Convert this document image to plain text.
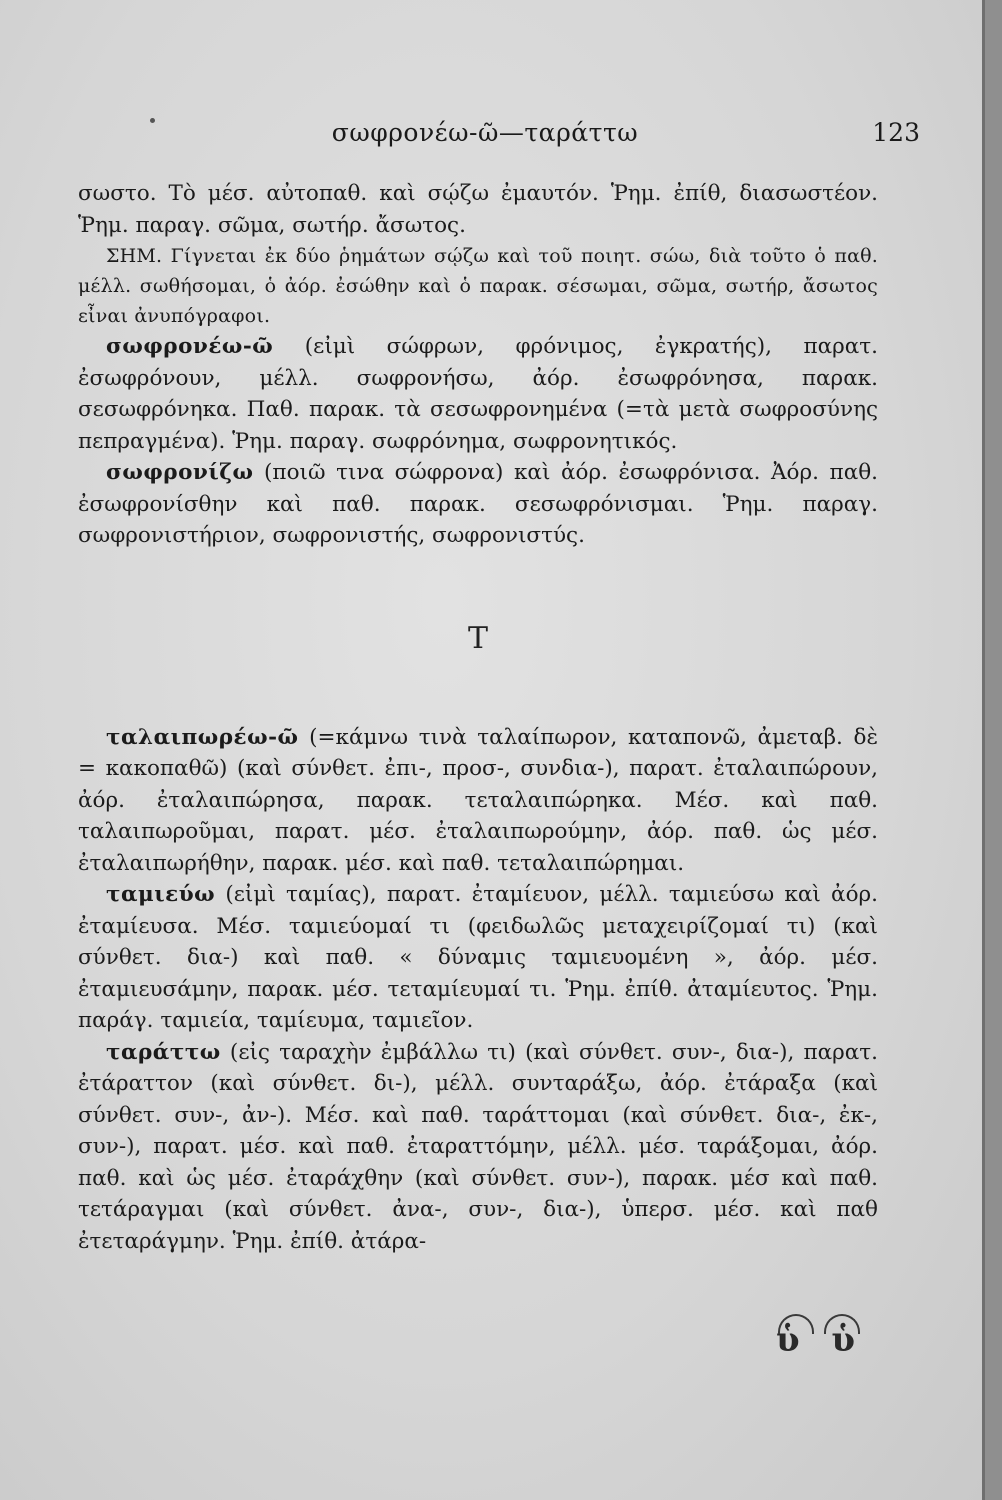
σωφρονέω-ῶ—ταράττω	123

σωστο. Τὸ μέσ. αὐτοπαθ. καὶ σῴζω ἐμαυτόν. Ῥημ. ἐπίθ, διασωστέον. Ῥημ. παραγ. σῶμα, σωτήρ. ἄσωτος.

ΣΗΜ. Γίγνεται ἐκ δύο ῥημάτων σῴζω καὶ τοῦ ποιητ. σώω, διὰ τοῦτο ὁ παθ. μέλλ. σωθήσομαι, ὁ ἀόρ. ἐσώθην καὶ ὁ παρακ. σέσωμαι, σῶμα, σωτήρ, ἄσωτος εἶναι ἀνυπόγραφοι.

σωφρονέω-ῶ (εἰμὶ σώφρων, φρόνιμος, ἐγκρατής), παρατ. ἐσωφρόνουν, μέλλ. σωφρονήσω, ἀόρ. ἐσωφρόνησα, παρακ. σεσωφρόνηκα. Παθ. παρακ. τὰ σεσωφρονημένα (=τὰ μετὰ σωφροσύνης πεπραγμένα). Ῥημ. παραγ. σωφρόνημα, σωφρονητικός.

σωφρονίζω (ποιῶ τινα σώφρονα) καὶ ἀόρ. ἐσωφρόνισα. Ἀόρ. παθ. ἐσωφρονίσθην καὶ παθ. παρακ. σεσωφρόνισμαι. Ῥημ. παραγ. σωφρονιστήριον, σωφρονιστής, σωφρονιστύς.

Τ

ταλαιπωρέω-ῶ (=κάμνω τινὰ ταλαίπωρον, καταπονῶ, ἀμεταβ. δὲ = κακοπαθῶ) (καὶ σύνθετ. ἐπι-, προσ-, συνδια-), παρατ. ἐταλαιπώρουν, ἀόρ. ἐταλαιπώρησα, παρακ. τεταλαιπώρηκα. Μέσ. καὶ παθ. ταλαιπωροῦμαι, παρατ. μέσ. ἐταλαιπωρούμην, ἀόρ. παθ. ὡς μέσ. ἐταλαιπωρήθην, παρακ. μέσ. καὶ παθ. τεταλαιπώρημαι.

ταμιεύω (εἰμὶ ταμίας), παρατ. ἐταμίευον, μέλλ. ταμιεύσω καὶ ἀόρ. ἐταμίευσα. Μέσ. ταμιεύομαί τι (φειδωλῶς μεταχειρίζομαί τι) (καὶ σύνθετ. δια-) καὶ παθ. « δύναμις ταμιευομένη », ἀόρ. μέσ. ἐταμιευσάμην, παρακ. μέσ. τεταμίευμαί τι. Ῥημ. ἐπίθ. ἀταμίευτος. Ῥημ. παράγ. ταμιεία, ταμίευμα, ταμιεῖον.

ταράττω (εἰς ταραχὴν ἐμβάλλω τι) (καὶ σύνθετ. συν-, δια-), παρατ. ἐτάραττον (καὶ σύνθετ. δι-), μέλλ. συνταράξω, ἀόρ. ἐτάραξα (καὶ σύνθετ. συν-, ἀν-). Μέσ. καὶ παθ. ταράττομαι (καὶ σύνθετ. δια-, ἐκ-, συν-), παρατ. μέσ. καὶ παθ. ἐταραττόμην, μέλλ. μέσ. ταράξομαι, ἀόρ. παθ. καὶ ὡς μέσ. ἐταράχθην (καὶ σύνθετ. συν-), παρακ. μέσ καὶ παθ. τετάραγμαι (καὶ σύνθετ. ἀνα-, συν-, δια-), ὑπερσ. μέσ. καὶ παθ ἐτεταράγμην. Ῥημ. ἐπίθ. ἀτάρα-

ὑ ὑ
